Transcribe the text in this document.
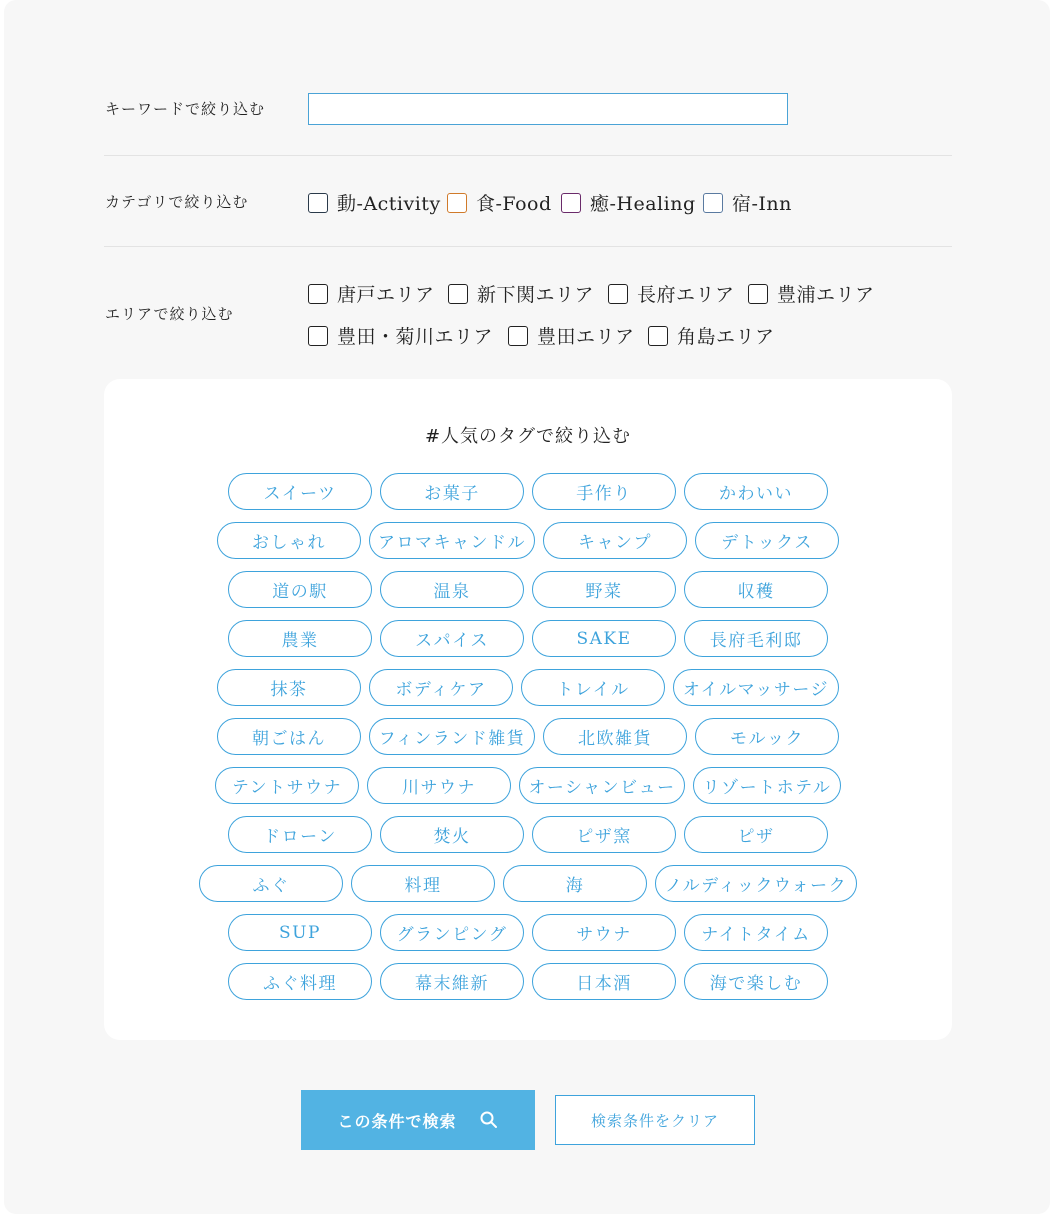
キーワードで絞り込む
カテゴリで絞り込む	動-Activity 食-Food 癒-Healing 宿-Inn
エリアで絞り込む
唐戸エリア 新下関エリア 長府エリア 豊浦エリア
豊田・菊川エリア 豊田エリア 角島エリア
#人気のタグで絞り込む
スイーツ	お菓子	手作り	かわいい
おしゃれ	アロマキャンドル	キャンプ	デトックス
道の駅	温泉	野菜	収穫
農業	スパイス	SAKE	長府毛利邸
抹茶	ボディケア	トレイル	オイルマッサージ
朝ごはん	フィンランド雑貨	北欧雑貨	モルック
テントサウナ	川サウナ	オーシャンビュー	リゾートホテル
ドローン	焚火	ピザ窯	ピザ
ふぐ	料理	海	ノルディックウォーク
SUP	グランピング	サウナ	ナイトタイム
ふぐ料理	幕末維新	日本酒	海で楽しむ
この条件で検索	検索条件をクリア
